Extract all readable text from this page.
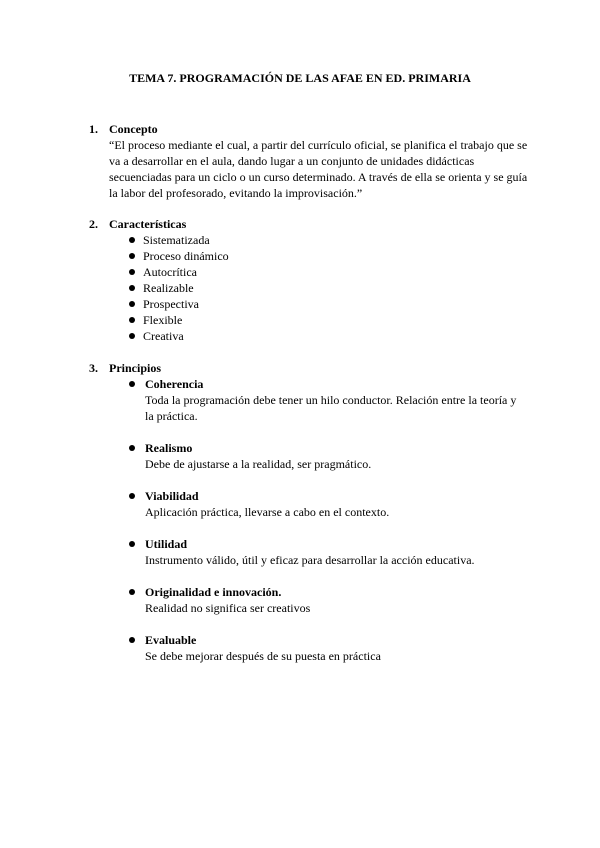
TEMA 7. PROGRAMACIÓN DE LAS AFAE EN ED. PRIMARIA
1. Concepto
“El proceso mediante el cual, a partir del currículo oficial, se planifica el trabajo que se va a desarrollar en el aula, dando lugar a un conjunto de unidades didácticas secuenciadas para un ciclo o un curso determinado. A través de ella se orienta y se guía la labor del profesorado, evitando la improvisación.”
2. Características
Sistematizada
Proceso dinámico
Autocrítica
Realizable
Prospectiva
Flexible
Creativa
3. Principios
Coherencia
Toda la programación debe tener un hilo conductor. Relación entre la teoría y la práctica.
Realismo
Debe de ajustarse a la realidad, ser pragmático.
Viabilidad
Aplicación práctica, llevarse a cabo en el contexto.
Utilidad
Instrumento válido, útil y eficaz para desarrollar la acción educativa.
Originalidad e innovación.
Realidad no significa ser creativos
Evaluable
Se debe mejorar después de su puesta en práctica
